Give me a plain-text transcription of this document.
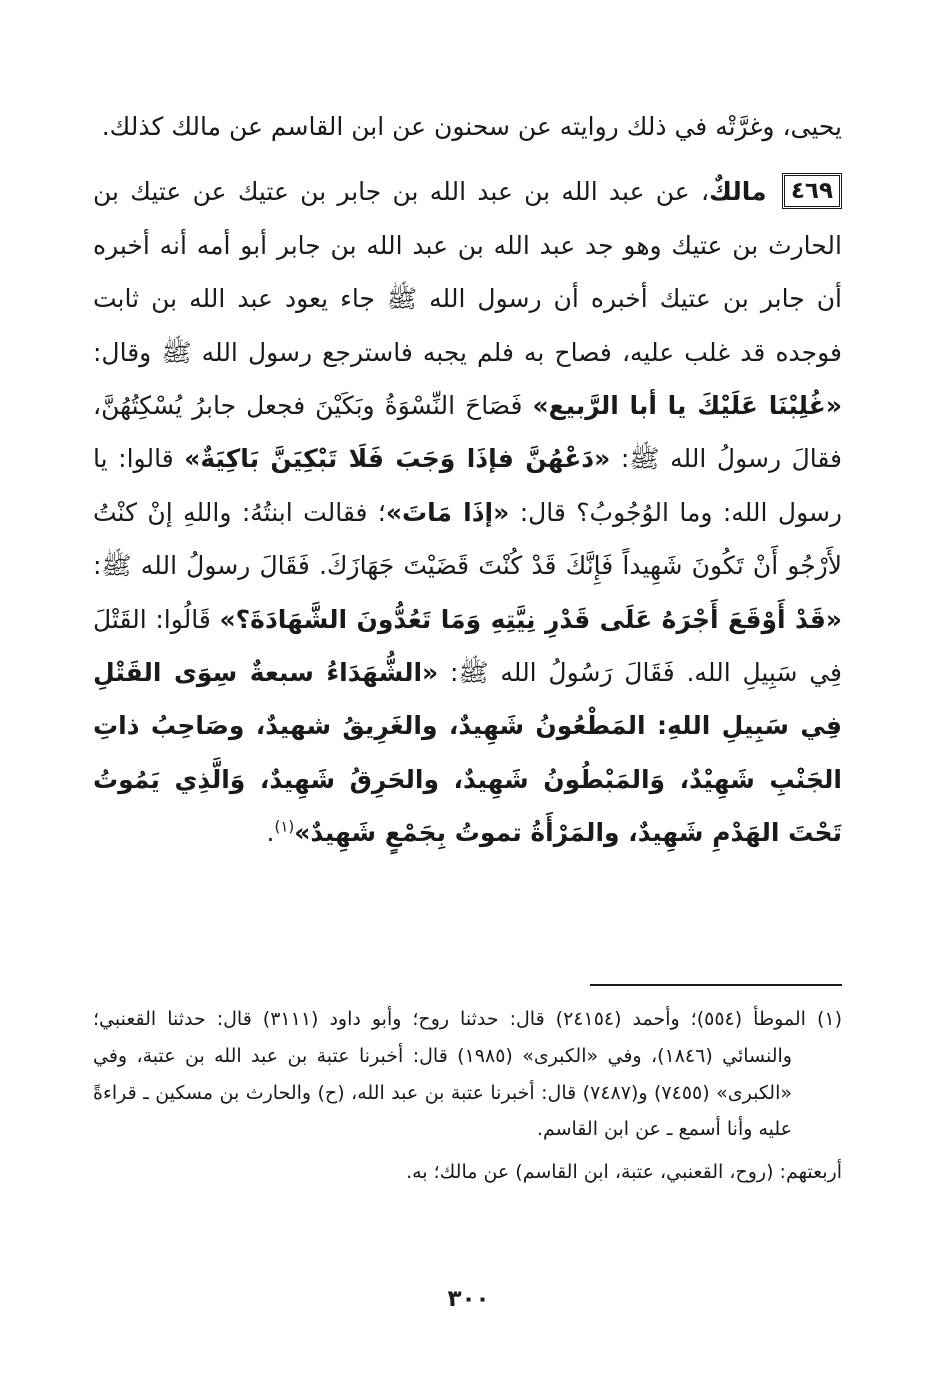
يحيى، وغرَّتْه في ذلك روايته عن سحنون عن ابن القاسم عن مالك كذلك.

٤٦٩ مالكٌ، عن عبد الله بن عبد الله بن جابر بن عتيك عن عتيك بن الحارث بن عتيك وهو جد عبد الله بن عبد الله بن جابر أبو أمه أنه أخبره أن جابر بن عتيك أخبره أن رسول الله ﷺ جاء يعود عبد الله بن ثابت فوجده قد غلب عليه، فصاح به فلم يجبه فاسترجع رسول الله ﷺ وقال: «غُلِبْنَا عَلَيْكَ يا أبا الرَّبيع» فَصَاحَ النِّسْوَةُ وبَكَيْنَ فجعل جابرُ يُسْكِتُهُنَّ، فقالَ رسولُ الله ﷺ: «دَعْهُنَّ فإذَا وَجَبَ فَلَا تَبْكِيَنَّ بَاكِيَةٌ» قالوا: يا رسول الله: وما الوُجُوبُ؟ قال: «إذَا مَاتَ»؛ فقالت ابنتُهُ: واللهِ إنْ كنْتُ لأَرْجُو أَنْ تَكُونَ شَهِيداً فَإِنَّكَ قَدْ كُنْتَ قَضَيْتَ جَهَازَكَ. فَقَالَ رسولُ الله ﷺ: «قَدْ أَوْقَعَ أَجْرَهُ عَلَى قَدْرِ نِيَّتِهِ وَمَا تَعُدُّونَ الشَّهَادَةَ؟» قَالُوا: القَتْلَ فِي سَبِيلِ الله. فَقَالَ رَسُولُ الله ﷺ: «الشُّهَدَاءُ سبعةٌ سِوَى القَتْلِ فِي سَبِيلِ اللهِ: المَطْعُونُ شَهِيدٌ، والغَرِيقُ شهيدٌ، وصَاحِبُ ذاتِ الجَنْبِ شَهِيْدٌ، وَالمَبْطُونُ شَهِيدٌ، والحَرِقُ شَهِيدٌ، وَالَّذِي يَمُوتُ تَحْتَ الهَدْمِ شَهِيدٌ، والمَرْأَةُ تموتُ بِجَمْعٍ شَهِيدٌ»$^{(١)}$.

(١) الموطأ (٥٥٤)؛ وأحمد (٢٤١٥٤) قال: حدثنا روح؛ وأبو داود (٣١١١) قال: حدثنا القعنبي؛ والنسائي (١٨٤٦)، وفي «الكبرى» (١٩٨٥) قال: أخبرنا عتبة بن عبد الله بن عتبة، وفي «الكبرى» (٧٤٥٥) و(٧٤٨٧) قال: أخبرنا عتبة بن عبد الله، (ح) والحارث بن مسكين ـ قراءةً عليه وأنا أسمع ـ عن ابن القاسم.

أربعتهم: (روح، القعنبي، عتبة، ابن القاسم) عن مالك؛ به.

٣٠٠
